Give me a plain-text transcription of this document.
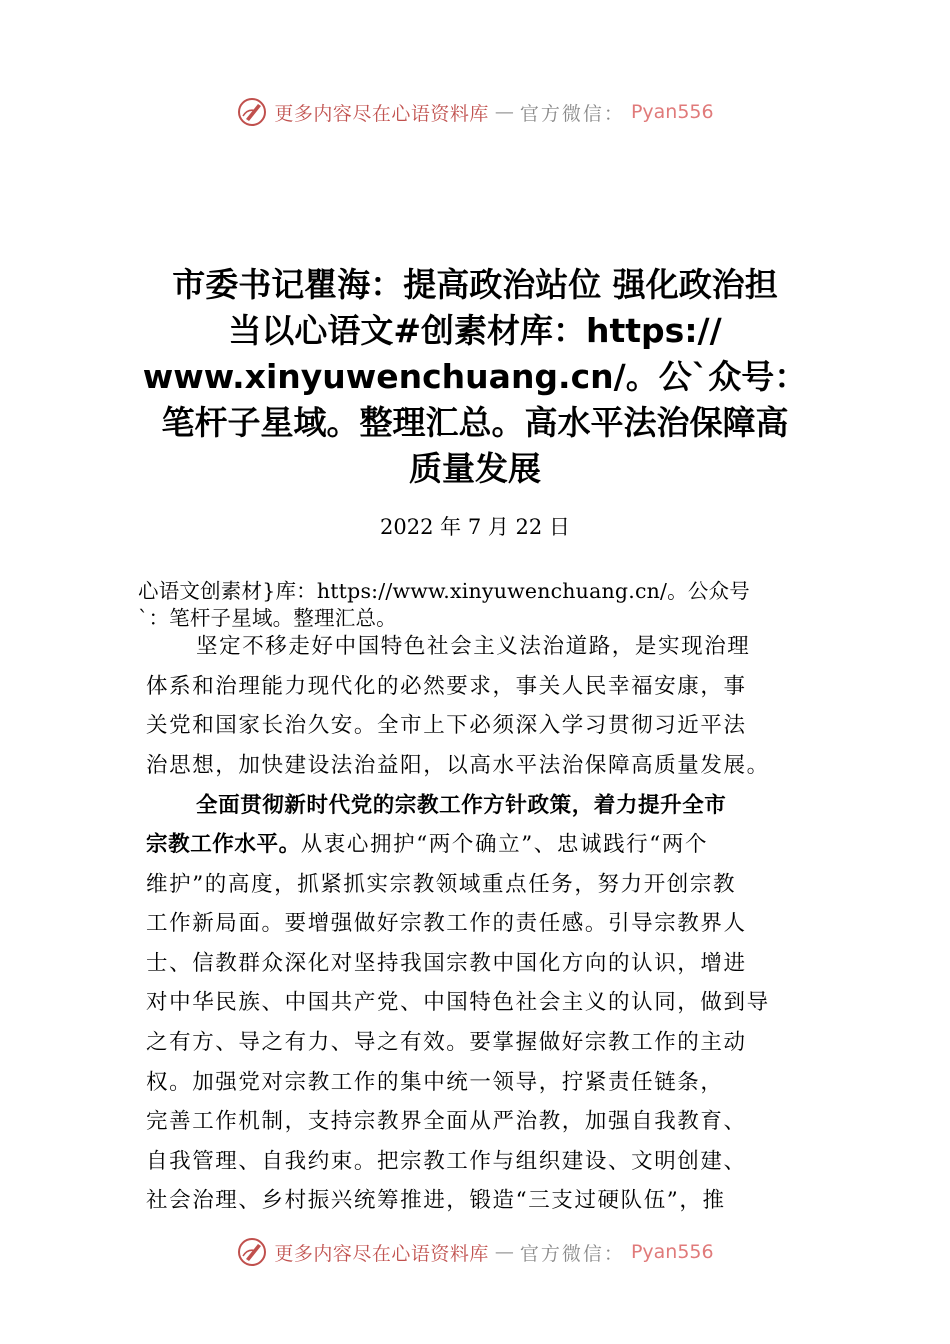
更多内容尽在心语资料库 — 官方微信： Pyan556
市委书记瞿海：提高政治站位 强化政治担
当以心语文#创素材库：https://
www.xinyuwenchuang.cn/。公`众号：
笔杆子星域。整理汇总。高水平法治保障高
质量发展
2022 年 7 月 22 日
心语文创素材}库：https://www.xinyuwenchuang.cn/。公众号
`：笔杆子星域。整理汇总。
坚定不移走好中国特色社会主义法治道路，是实现治理
体系和治理能力现代化的必然要求，事关人民幸福安康，事
关党和国家长治久安。全市上下必须深入学习贯彻习近平法
治思想，加快建设法治益阳，以高水平法治保障高质量发展。
全面贯彻新时代党的宗教工作方针政策，着力提升全市
宗教工作水平。从衷心拥护“两个确立”、忠诚践行“两个
维护”的高度，抓紧抓实宗教领域重点任务，努力开创宗教
工作新局面。要增强做好宗教工作的责任感。引导宗教界人
士、信教群众深化对坚持我国宗教中国化方向的认识，增进
对中华民族、中国共产党、中国特色社会主义的认同，做到导
之有方、导之有力、导之有效。要掌握做好宗教工作的主动
权。加强党对宗教工作的集中统一领导，拧紧责任链条，
完善工作机制，支持宗教界全面从严治教，加强自我教育、
自我管理、自我约束。把宗教工作与组织建设、文明创建、
社会治理、乡村振兴统筹推进，锻造“三支过硬队伍”，推
更多内容尽在心语资料库 — 官方微信： Pyan556
